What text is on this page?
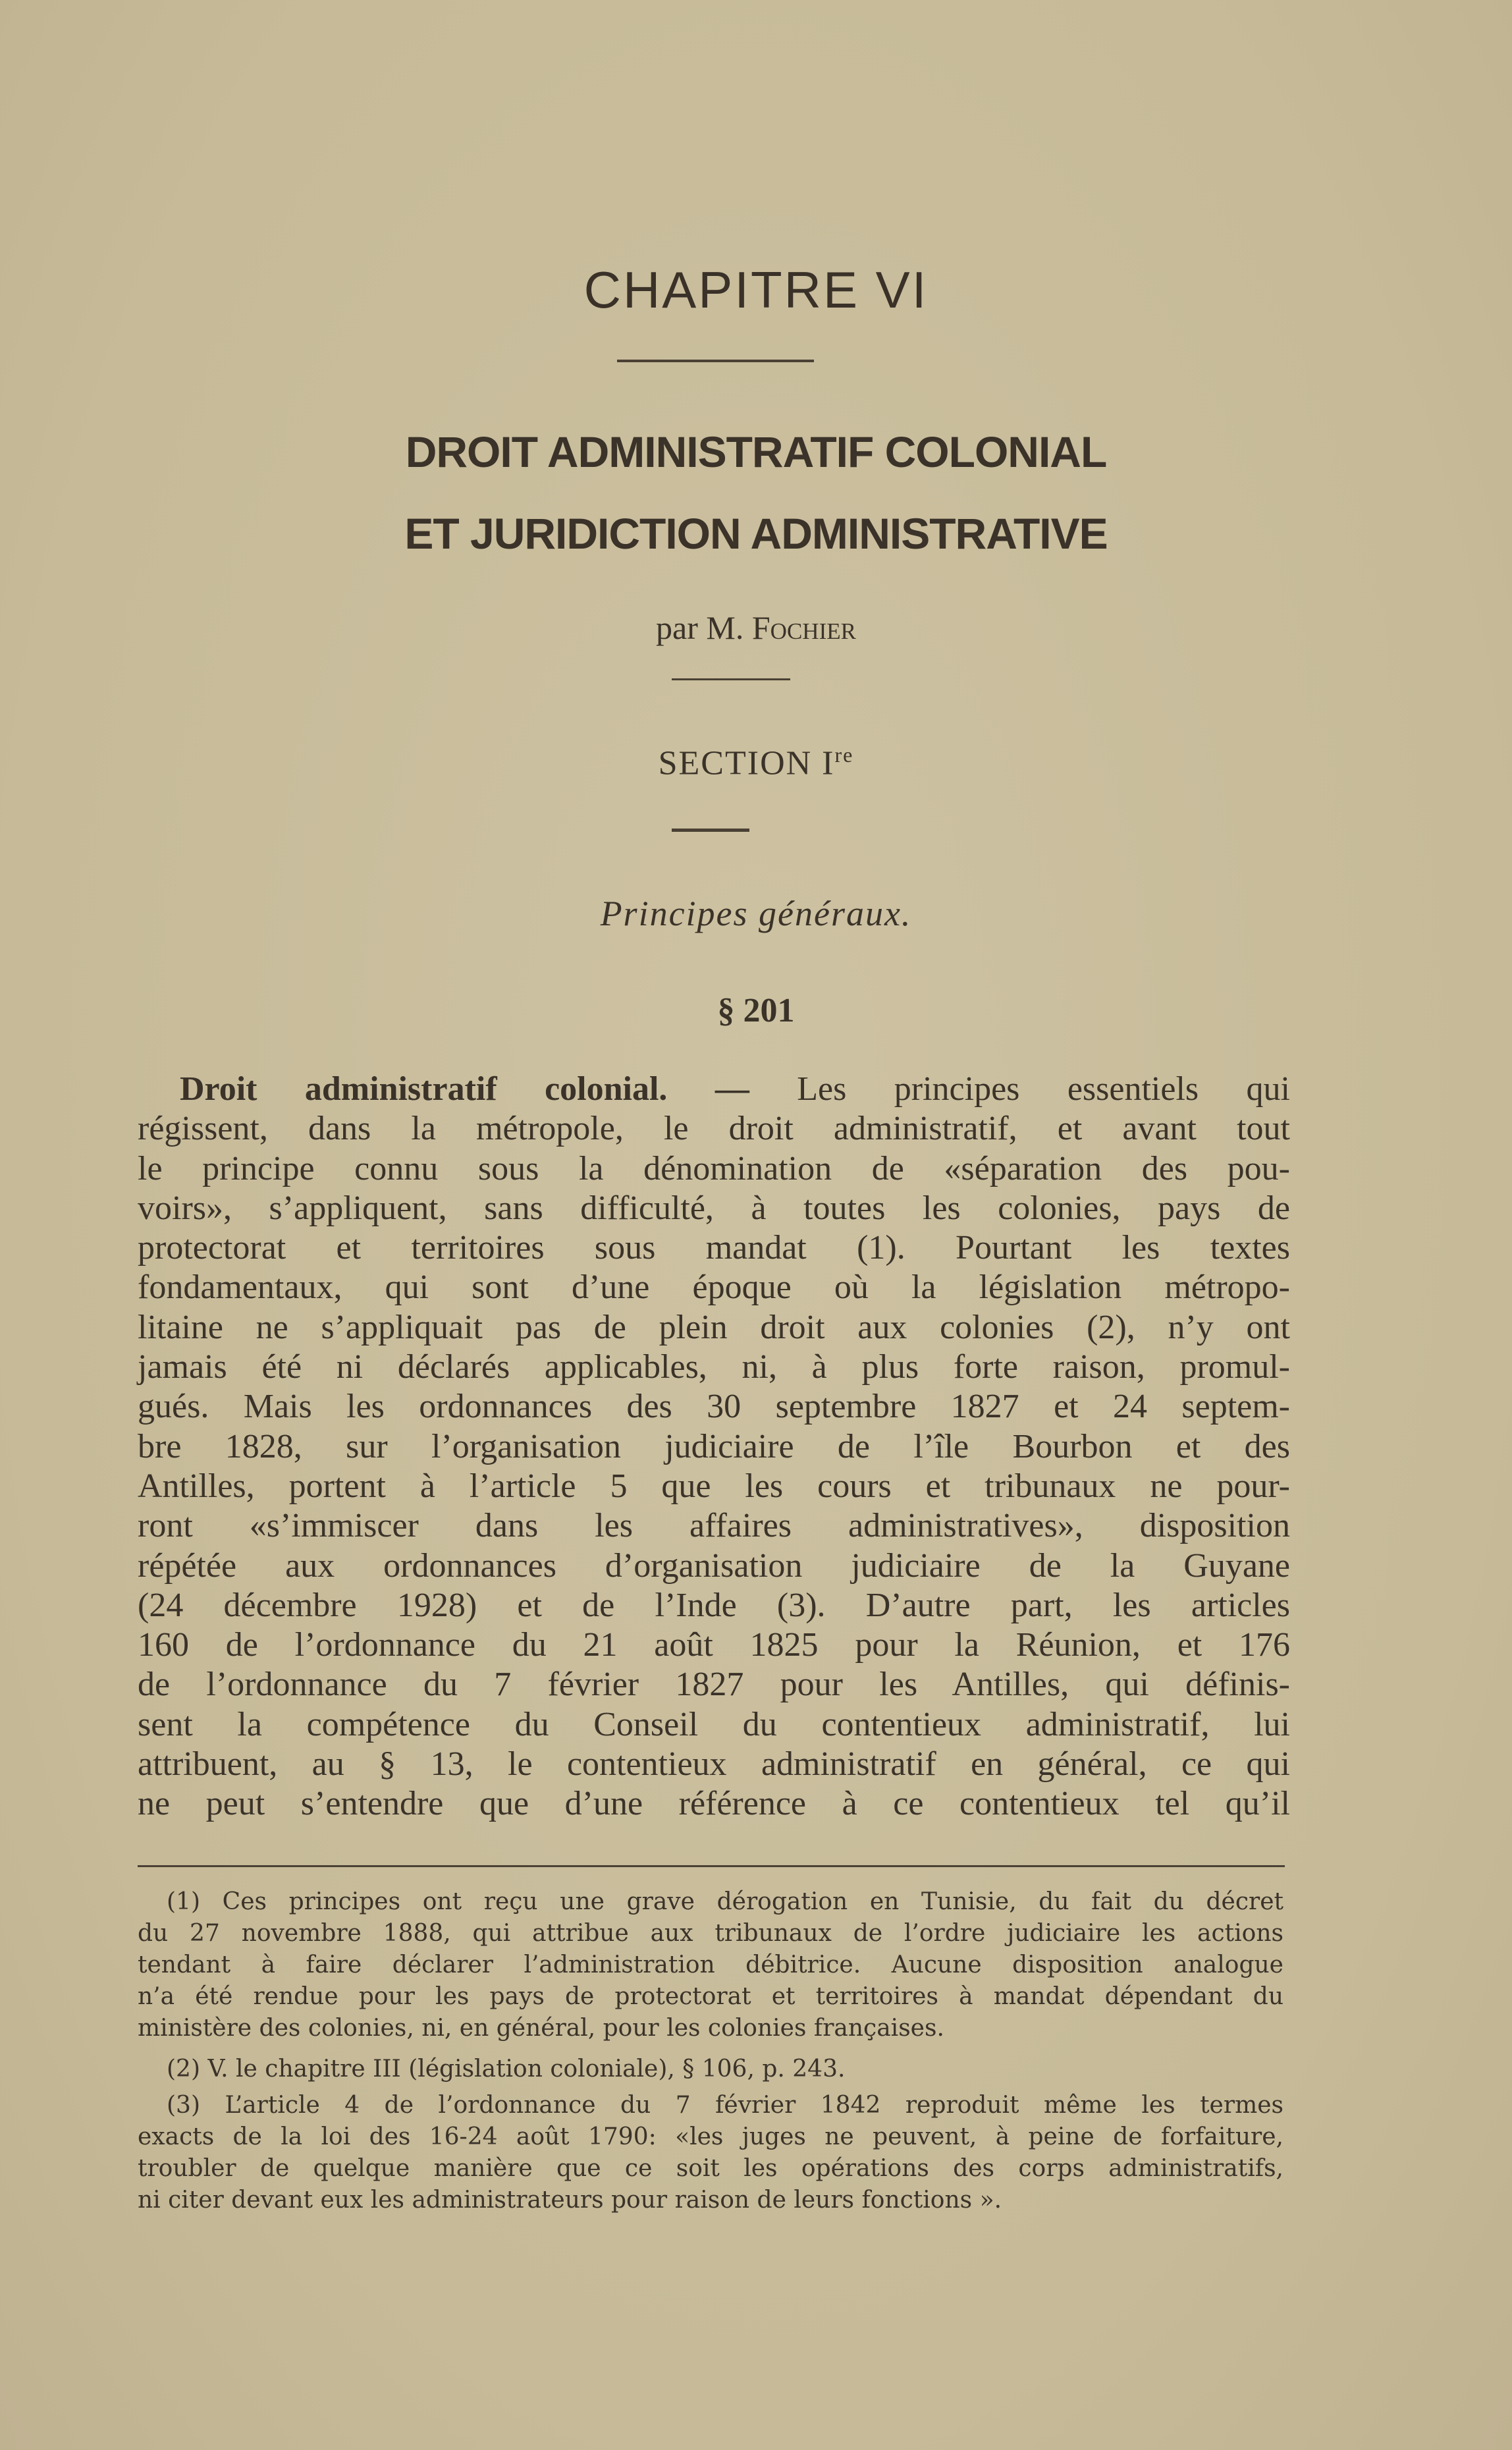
CHAPITRE VI
DROIT ADMINISTRATIF COLONIAL
ET JURIDICTION ADMINISTRATIVE
par M. Fochier
SECTION Ire
Principes généraux.
§ 201
Droit administratif colonial. — Les principes essentiels qui
régissent, dans la métropole, le droit administratif, et avant tout
le principe connu sous la dénomination de «séparation des pou-
voirs», s’appliquent, sans difficulté, à toutes les colonies, pays de
protectorat et territoires sous mandat (1). Pourtant les textes
fondamentaux, qui sont d’une époque où la législation métropo-
litaine ne s’appliquait pas de plein droit aux colonies (2), n’y ont
jamais été ni déclarés applicables, ni, à plus forte raison, promul-
gués. Mais les ordonnances des 30 septembre 1827 et 24 septem-
bre 1828, sur l’organisation judiciaire de l’île Bourbon et des
Antilles, portent à l’article 5 que les cours et tribunaux ne pour-
ront «s’immiscer dans les affaires administratives», disposition
répétée aux ordonnances d’organisation judiciaire de la Guyane
(24 décembre 1928) et de l’Inde (3). D’autre part, les articles
160 de l’ordonnance du 21 août 1825 pour la Réunion, et 176
de l’ordonnance du 7 février 1827 pour les Antilles, qui définis-
sent la compétence du Conseil du contentieux administratif, lui
attribuent, au § 13, le contentieux administratif en général, ce qui
ne peut s’entendre que d’une référence à ce contentieux tel qu’il
(1) Ces principes ont reçu une grave dérogation en Tunisie, du fait du décret
du 27 novembre 1888, qui attribue aux tribunaux de l’ordre judiciaire les actions
tendant à faire déclarer l’administration débitrice. Aucune disposition analogue
n’a été rendue pour les pays de protectorat et territoires à mandat dépendant du
ministère des colonies, ni, en général, pour les colonies françaises.
(2) V. le chapitre III (législation coloniale), § 106, p. 243.
(3) L’article 4 de l’ordonnance du 7 février 1842 reproduit même les termes
exacts de la loi des 16-24 août 1790: «les juges ne peuvent, à peine de forfaiture,
troubler de quelque manière que ce soit les opérations des corps administratifs,
ni citer devant eux les administrateurs pour raison de leurs fonctions ».
